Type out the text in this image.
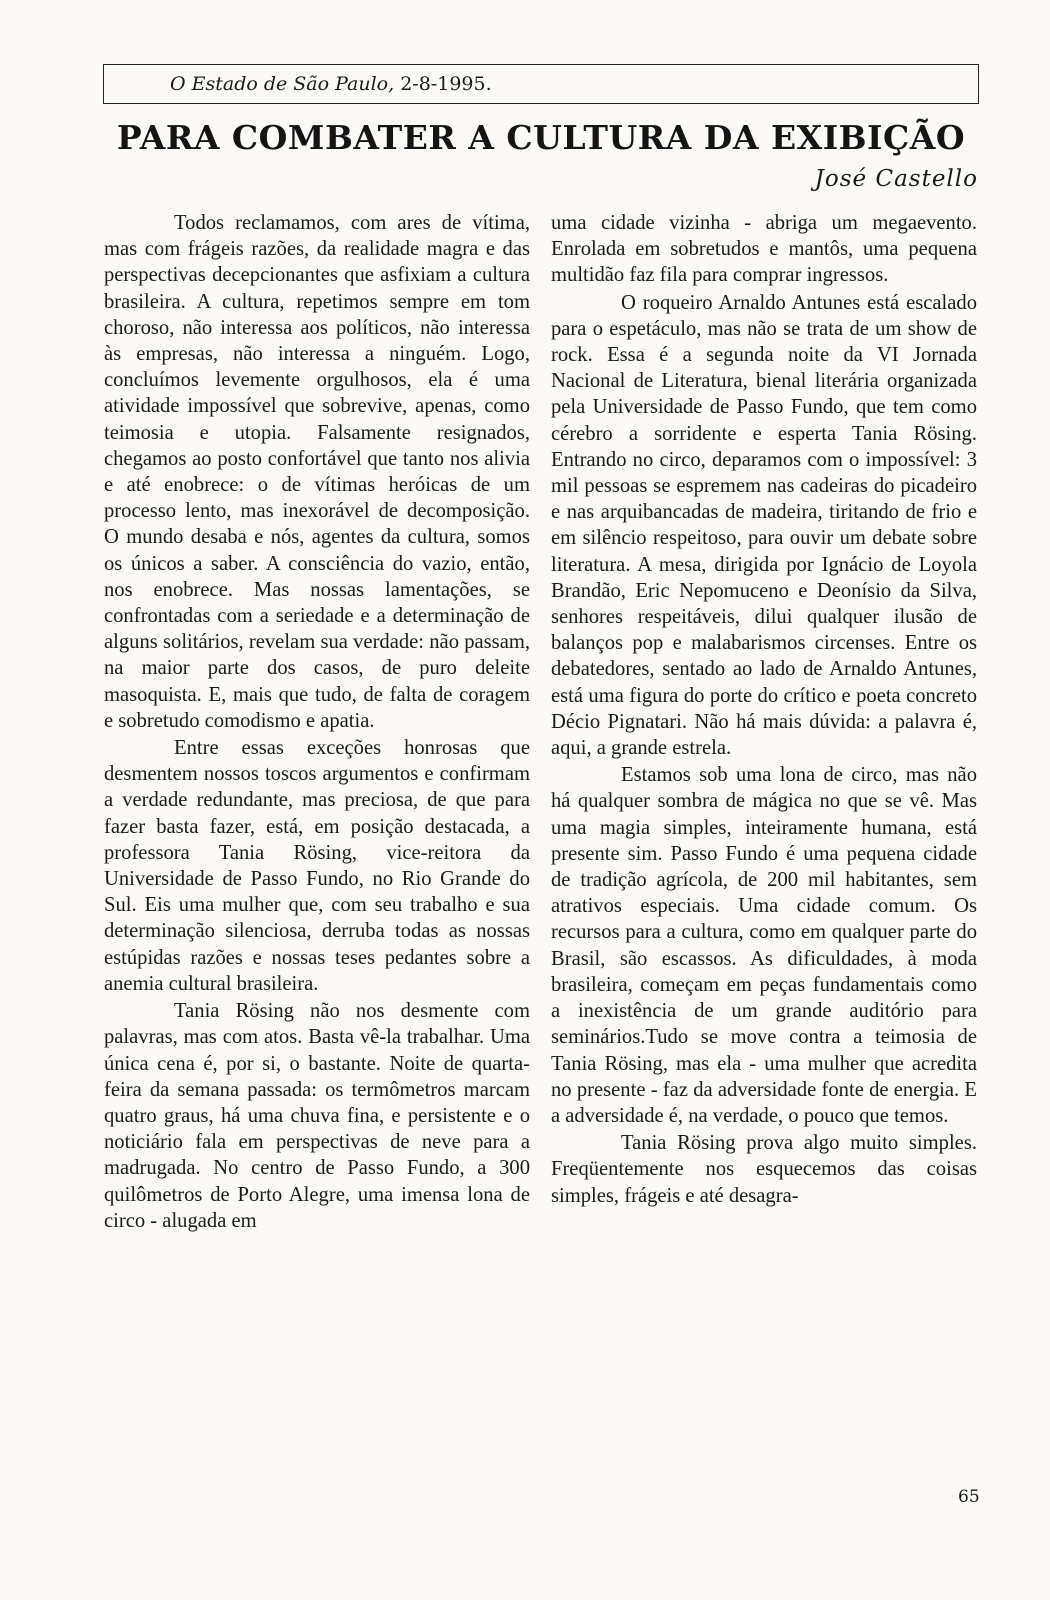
O Estado de São Paulo,
2-8-1995.
PARA COMBATER A CULTURA DA EXIBIÇÃO
José Castello

Todos reclamamos, com ares de vítima, mas com frágeis razões, da realidade magra e das perspectivas decepcionantes que asfixiam a cultura brasileira. A cultura, repetimos sempre em tom choroso, não interessa aos políticos, não interessa às empresas, não interessa a ninguém. Logo, concluímos levemente orgulhosos, ela é uma atividade impossível que sobrevive, apenas, como teimosia e utopia. Falsamente resignados, chegamos ao posto confortável que tanto nos alivia e até enobrece: o de vítimas heróicas de um processo lento, mas inexorável de decomposição. O mundo desaba e nós, agentes da cultura, somos os únicos a saber. A consciência do vazio, então, nos enobrece. Mas nossas lamentações, se confrontadas com a seriedade e a determinação de alguns solitários, revelam sua verdade: não passam, na maior parte dos casos, de puro deleite masoquista. E, mais que tudo, de falta de coragem e sobretudo comodismo e apatia.

Entre essas exceções honrosas que desmentem nossos toscos argumentos e confirmam a verdade redundante, mas preciosa, de que para fazer basta fazer, está, em posição destacada, a professora Tania Rösing, vice-reitora da Universidade de Passo Fundo, no Rio Grande do Sul. Eis uma mulher que, com seu trabalho e sua determinação silenciosa, derruba todas as nossas estúpidas razões e nossas teses pedantes sobre a anemia cultural brasileira.

Tania Rösing não nos desmente com palavras, mas com atos. Basta vê-la trabalhar. Uma única cena é, por si, o bastante. Noite de quarta-feira da semana passada: os termômetros marcam quatro graus, há uma chuva fina, e persistente e o noticiário fala em perspectivas de neve para a madrugada. No centro de Passo Fundo, a 300 quilômetros de Porto Alegre, uma imensa lona de circo - alugada em

uma cidade vizinha - abriga um megaevento. Enrolada em sobretudos e mantôs, uma pequena multidão faz fila para comprar ingressos.

O roqueiro Arnaldo Antunes está escalado para o espetáculo, mas não se trata de um show de rock. Essa é a segunda noite da VI Jornada Nacional de Literatura, bienal literária organizada pela Universidade de Passo Fundo, que tem como cérebro a sorridente e esperta Tania Rösing. Entrando no circo, deparamos com o impossível: 3 mil pessoas se espremem nas cadeiras do picadeiro e nas arquibancadas de madeira, tiritando de frio e em silêncio respeitoso, para ouvir um debate sobre literatura. A mesa, dirigida por Ignácio de Loyola Brandão, Eric Nepomuceno e Deonísio da Silva, senhores respeitáveis, dilui qualquer ilusão de balanços pop e malabarismos circenses. Entre os debatedores, sentado ao lado de Arnaldo Antunes, está uma figura do porte do crítico e poeta concreto Décio Pignatari. Não há mais dúvida: a palavra é, aqui, a grande estrela.

Estamos sob uma lona de circo, mas não há qualquer sombra de mágica no que se vê. Mas uma magia simples, inteiramente humana, está presente sim. Passo Fundo é uma pequena cidade de tradição agrícola, de 200 mil habitantes, sem atrativos especiais. Uma cidade comum. Os recursos para a cultura, como em qualquer parte do Brasil, são escassos. As dificuldades, à moda brasileira, começam em peças fundamentais como a inexistência de um grande auditório para seminários.Tudo se move contra a teimosia de Tania Rösing, mas ela - uma mulher que acredita no presente - faz da adversidade fonte de energia. E a adversidade é, na verdade, o pouco que temos.

Tania Rösing prova algo muito simples. Freqüentemente nos esquecemos das coisas simples, frágeis e até desagra-

65
